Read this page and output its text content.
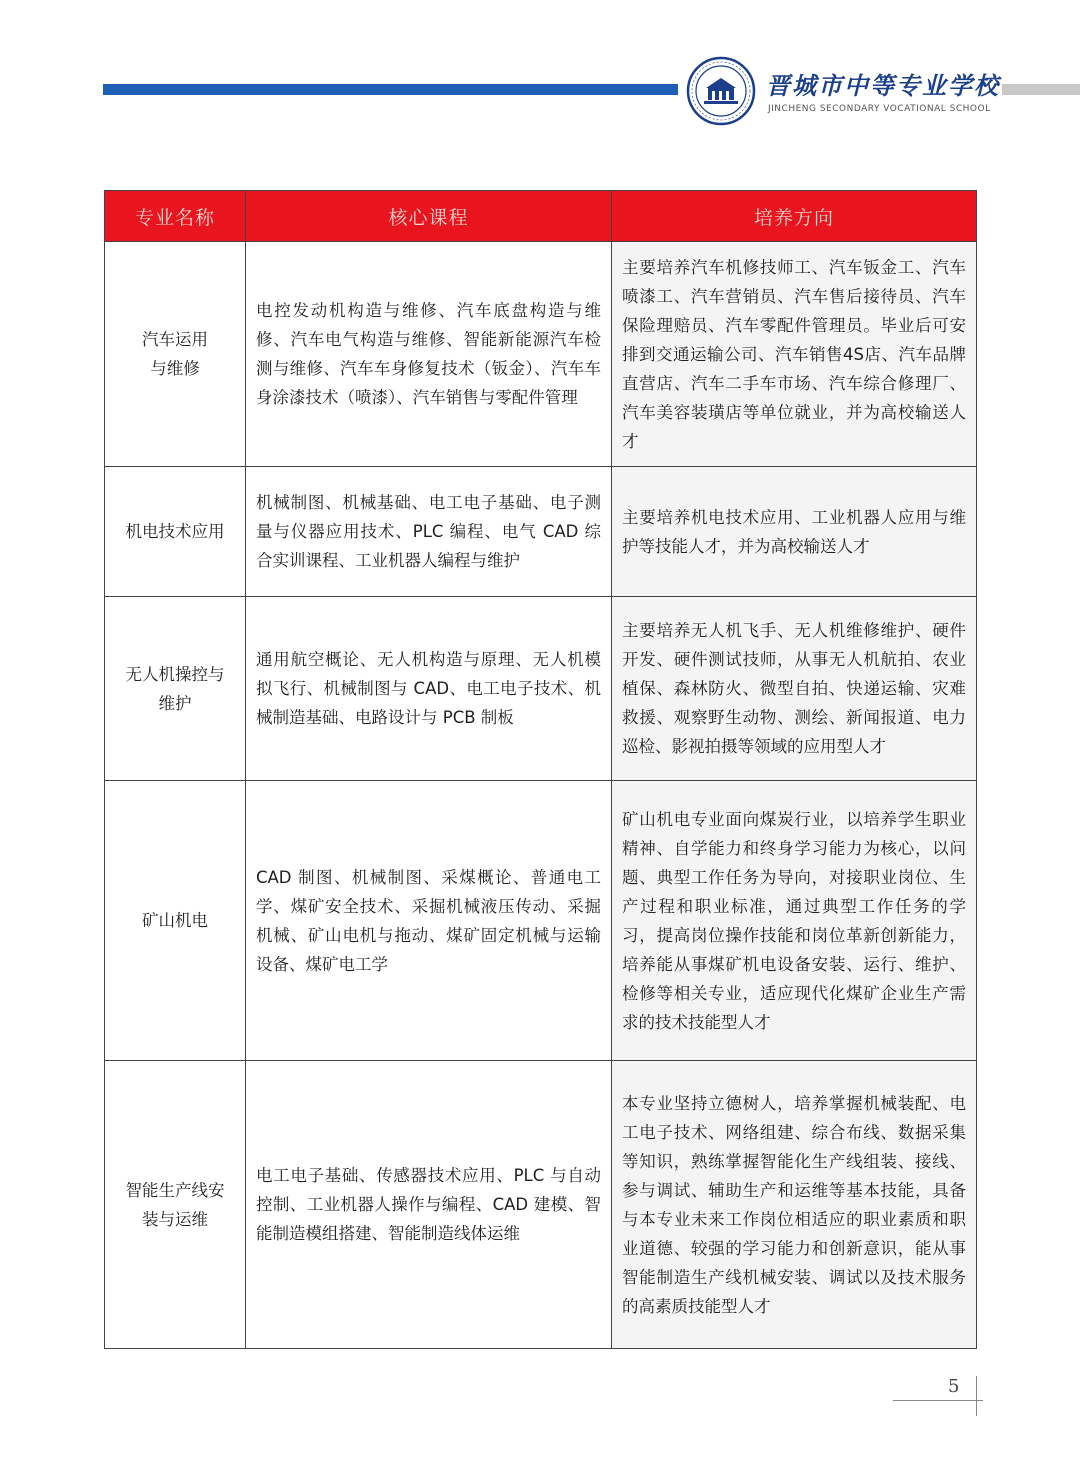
晋城市中等专业学校
JINCHENG SECONDARY VOCATIONAL SCHOOL
专业名称	核心课程	培养方向

汽车运用与维修	电控发动机构造与维修、汽车底盘构造与维修、汽车电气构造与维修、智能新能源汽车检测与维修、汽车车身修复技术（钣金）、汽车车身涂漆技术（喷漆）、汽车销售与零配件管理	主要培养汽车机修技师工、汽车钣金工、汽车喷漆工、汽车营销员、汽车售后接待员、汽车保险理赔员、汽车零配件管理员。毕业后可安排到交通运输公司、汽车销售4S店、汽车品牌直营店、汽车二手车市场、汽车综合修理厂、汽车美容装璜店等单位就业，并为高校输送人才
机电技术应用	机械制图、机械基础、电工电子基础、电子测量与仪器应用技术、PLC 编程、电气 CAD 综合实训课程、工业机器人编程与维护	主要培养机电技术应用、工业机器人应用与维护等技能人才，并为高校输送人才

无人机操控与维护	通用航空概论、无人机构造与原理、无人机模拟飞行、机械制图与 CAD、电工电子技术、机械制造基础、电路设计与 PCB 制板	主要培养无人机飞手、无人机维修维护、硬件开发、硬件测试技师，从事无人机航拍、农业植保、森林防火、微型自拍、快递运输、灾难救援、观察野生动物、测绘、新闻报道、电力巡检、影视拍摄等领域的应用型人才
矿山机电	CAD 制图、机械制图、采煤概论、普通电工学、煤矿安全技术、采掘机械液压传动、采掘机械、矿山电机与拖动、煤矿固定机械与运输设备、煤矿电工学	矿山机电专业面向煤炭行业，以培养学生职业精神、自学能力和终身学习能力为核心，以问题、典型工作任务为导向，对接职业岗位、生产过程和职业标准，通过典型工作任务的学习，提高岗位操作技能和岗位革新创新能力，培养能从事煤矿机电设备安装、运行、维护、检修等相关专业，适应现代化煤矿企业生产需求的技术技能型人才

智能生产线安装与运维	电工电子基础、传感器技术应用、PLC 与自动控制、工业机器人操作与编程、CAD 建模、智能制造模组搭建、智能制造线体运维	本专业坚持立德树人，培养掌握机械装配、电工电子技术、网络组建、综合布线、数据采集等知识，熟练掌握智能化生产线组装、接线、参与调试、辅助生产和运维等基本技能，具备与本专业未来工作岗位相适应的职业素质和职业道德、较强的学习能力和创新意识，能从事智能制造生产线机械安装、调试以及技术服务的高素质技能型人才
5
